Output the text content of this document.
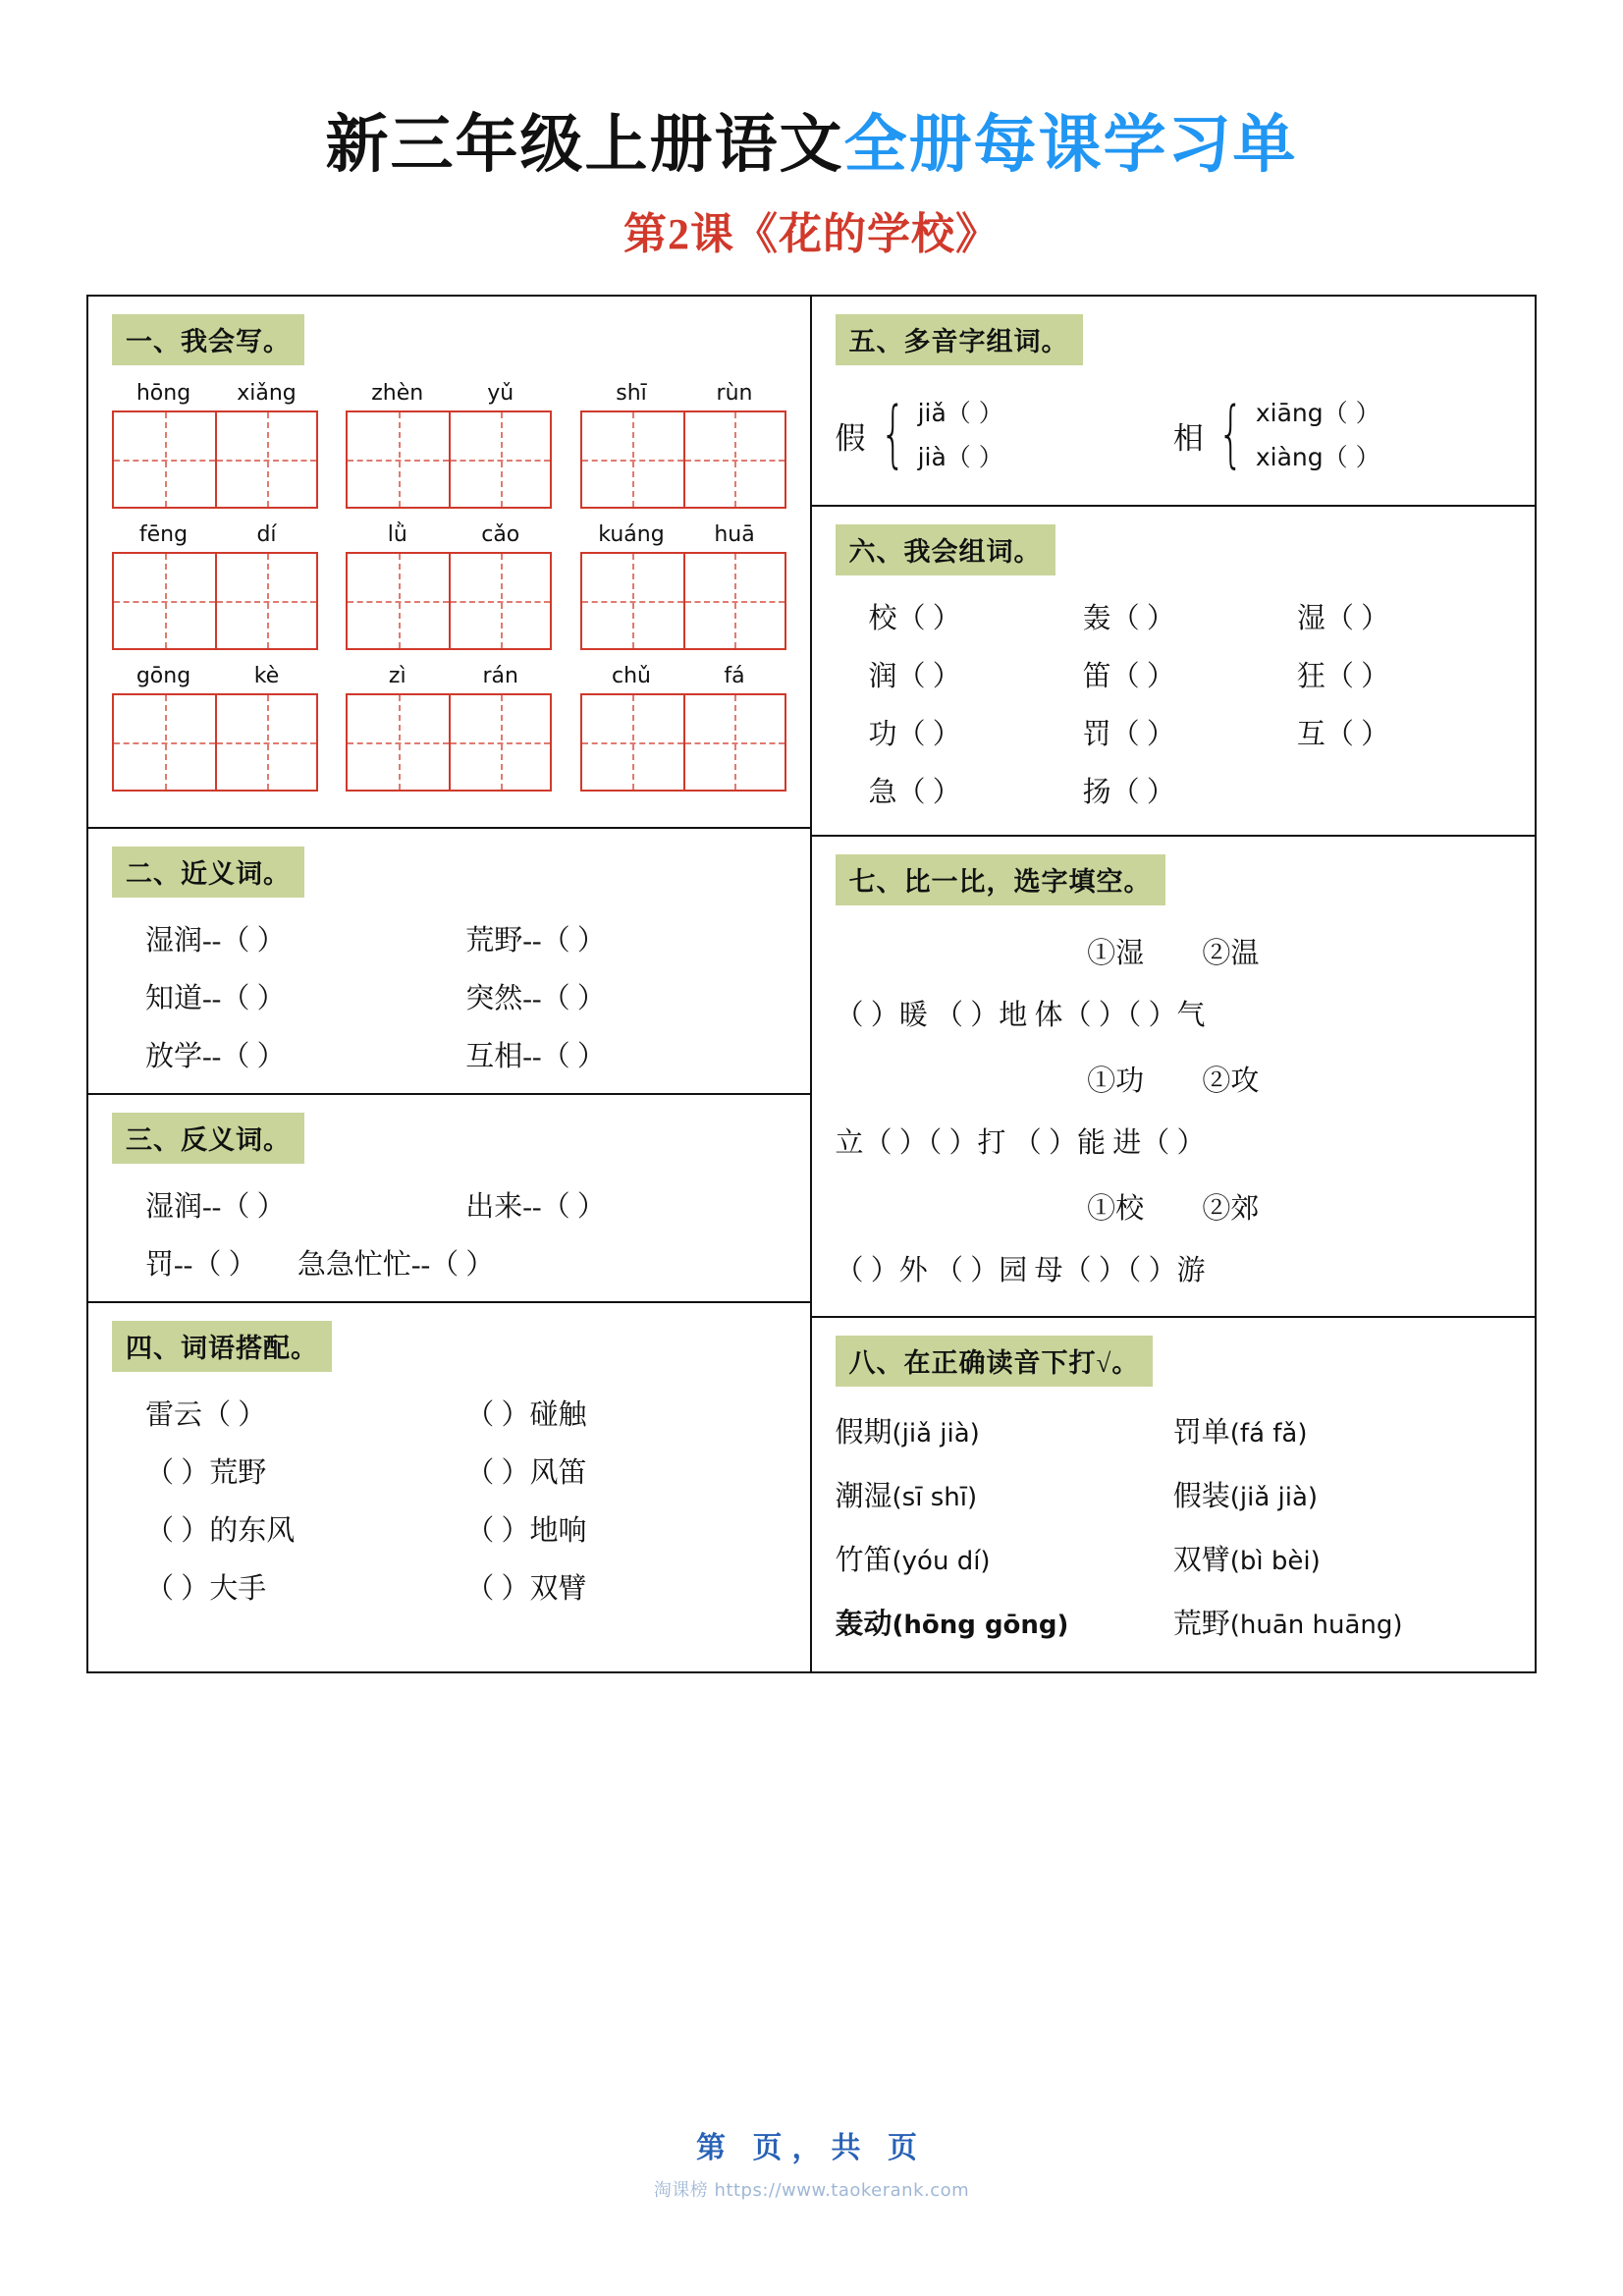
新三年级上册语文全册每课学习单
第2课《花的学校》
一、我会写。
hōng	xiǎng	zhèn	yǔ	shī	rùn
fēng	dí	lǜ	cǎo	kuáng	huā
gōng	kè	zì	rán	chǔ	fá
二、近义词。
湿润--（ ）	荒野--（ ）
知道--（ ）	突然--（ ）
放学--（ ）	互相--（ ）
三、反义词。
湿润--（ ）	出来--（ ）
罚--（ ） 急急忙忙--（ ）
四、词语搭配。
雷云（ ）	（ ）碰触
（ ）荒野	（ ）风笛
（ ）的东风	（ ）地响
（ ）大手	（ ）双臂
五、多音字组词。
假 { jiǎ（ ）
jià（ ）
相 { xiāng（ ）
xiàng（ ）
六、我会组词。
校（ ）	轰（ ）	湿（ ）
润（ ）	笛（ ）	狂（ ）
功（ ）	罚（ ）	互（ ）
急（ ）	扬（ ）
七、比一比，选字填空。
①湿 ②温
（ ）暖 （ ）地 体（ ）（ ）气
①功 ②攻
立（ ）（ ）打 （ ）能 进（ ）
①校 ②郊
（ ）外 （ ）园 母（ ）（ ）游
八、在正确读音下打√。
假期(jiǎ jià)	罚单(fá fǎ)
潮湿(sī shī)	假装(jiǎ jià)
竹笛(yóu dí)	双臂(bì bèi)
轰动(hōng gōng)	荒野(huān huāng)
第 页，共 页
淘课榜 https://www.taokerank.com
